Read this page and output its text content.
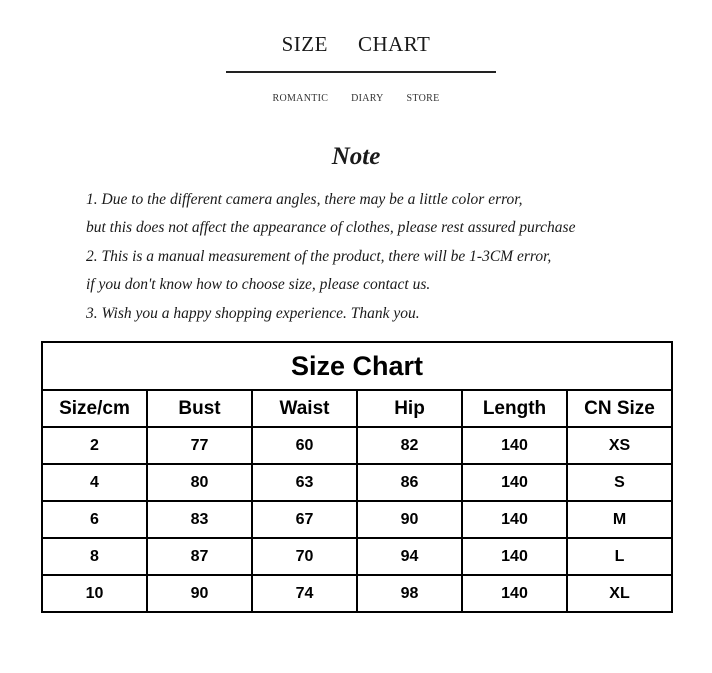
SIZE CHART
ROMANTIC DIARY STORE
Note
1. Due to the different camera angles, there may be a little color error,
but this does not affect the appearance of clothes, please rest assured purchase
2. This is a manual measurement of the product, there will be 1-3CM error,
if you don't know how to choose size, please contact us.
3. Wish you a happy shopping experience. Thank you.
Size Chart					
Size/cm	Bust	Waist	Hip	Length	CN Size
2	77	60	82	140	XS
4	80	63	86	140	S
6	83	67	90	140	M
8	87	70	94	140	L
10	90	74	98	140	XL
